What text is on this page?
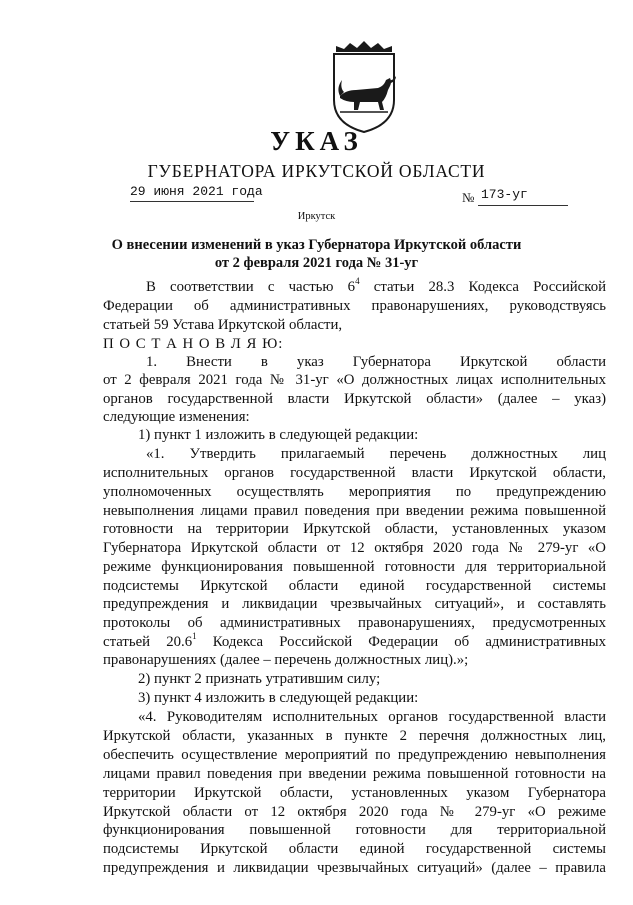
УКАЗ
ГУБЕРНАТОРА ИРКУТСКОЙ ОБЛАСТИ
29 июня 2021 года	№ 173-уг
Иркутск
О внесении изменений в указ Губернатора Иркутской области
от 2 февраля 2021 года № 31-уг
В соответствии с частью $6^4$ статьи 28.3 Кодекса Российской
Федерации об административных правонарушениях, руководствуясь
статьей 59 Устава Иркутской области,
П О С Т А Н О В Л Я Ю:
1. Внести в указ Губернатора Иркутской области
от 2 февраля 2021 года № 31-уг «О должностных лицах исполнительных
органов государственной власти Иркутской области» (далее – указ)
следующие изменения:
1) пункт 1 изложить в следующей редакции:
«1. Утвердить прилагаемый перечень должностных лиц
исполнительных органов государственной власти Иркутской области,
уполномоченных осуществлять мероприятия по предупреждению
невыполнения лицами правил поведения при введении режима повышенной
готовности на территории Иркутской области, установленных указом
Губернатора Иркутской области от 12 октября 2020 года № 279-уг «О
режиме функционирования повышенной готовности для территориальной
подсистемы Иркутской области единой государственной системы
предупреждения и ликвидации чрезвычайных ситуаций», и составлять
протоколы об административных правонарушениях, предусмотренных
статьей 20.6$^1$ Кодекса Российской Федерации об административных
правонарушениях (далее – перечень должностных лиц).»;
2) пункт 2 признать утратившим силу;
3) пункт 4 изложить в следующей редакции:
«4. Руководителям исполнительных органов государственной власти
Иркутской области, указанных в пункте 2 перечня должностных лиц,
обеспечить осуществление мероприятий по предупреждению невыполнения
лицами правил поведения при введении режима повышенной готовности на
территории Иркутской области, установленных указом Губернатора
Иркутской области от 12 октября 2020 года № 279-уг «О режиме
функционирования повышенной готовности для территориальной
подсистемы Иркутской области единой государственной системы
предупреждения и ликвидации чрезвычайных ситуаций» (далее – правила
